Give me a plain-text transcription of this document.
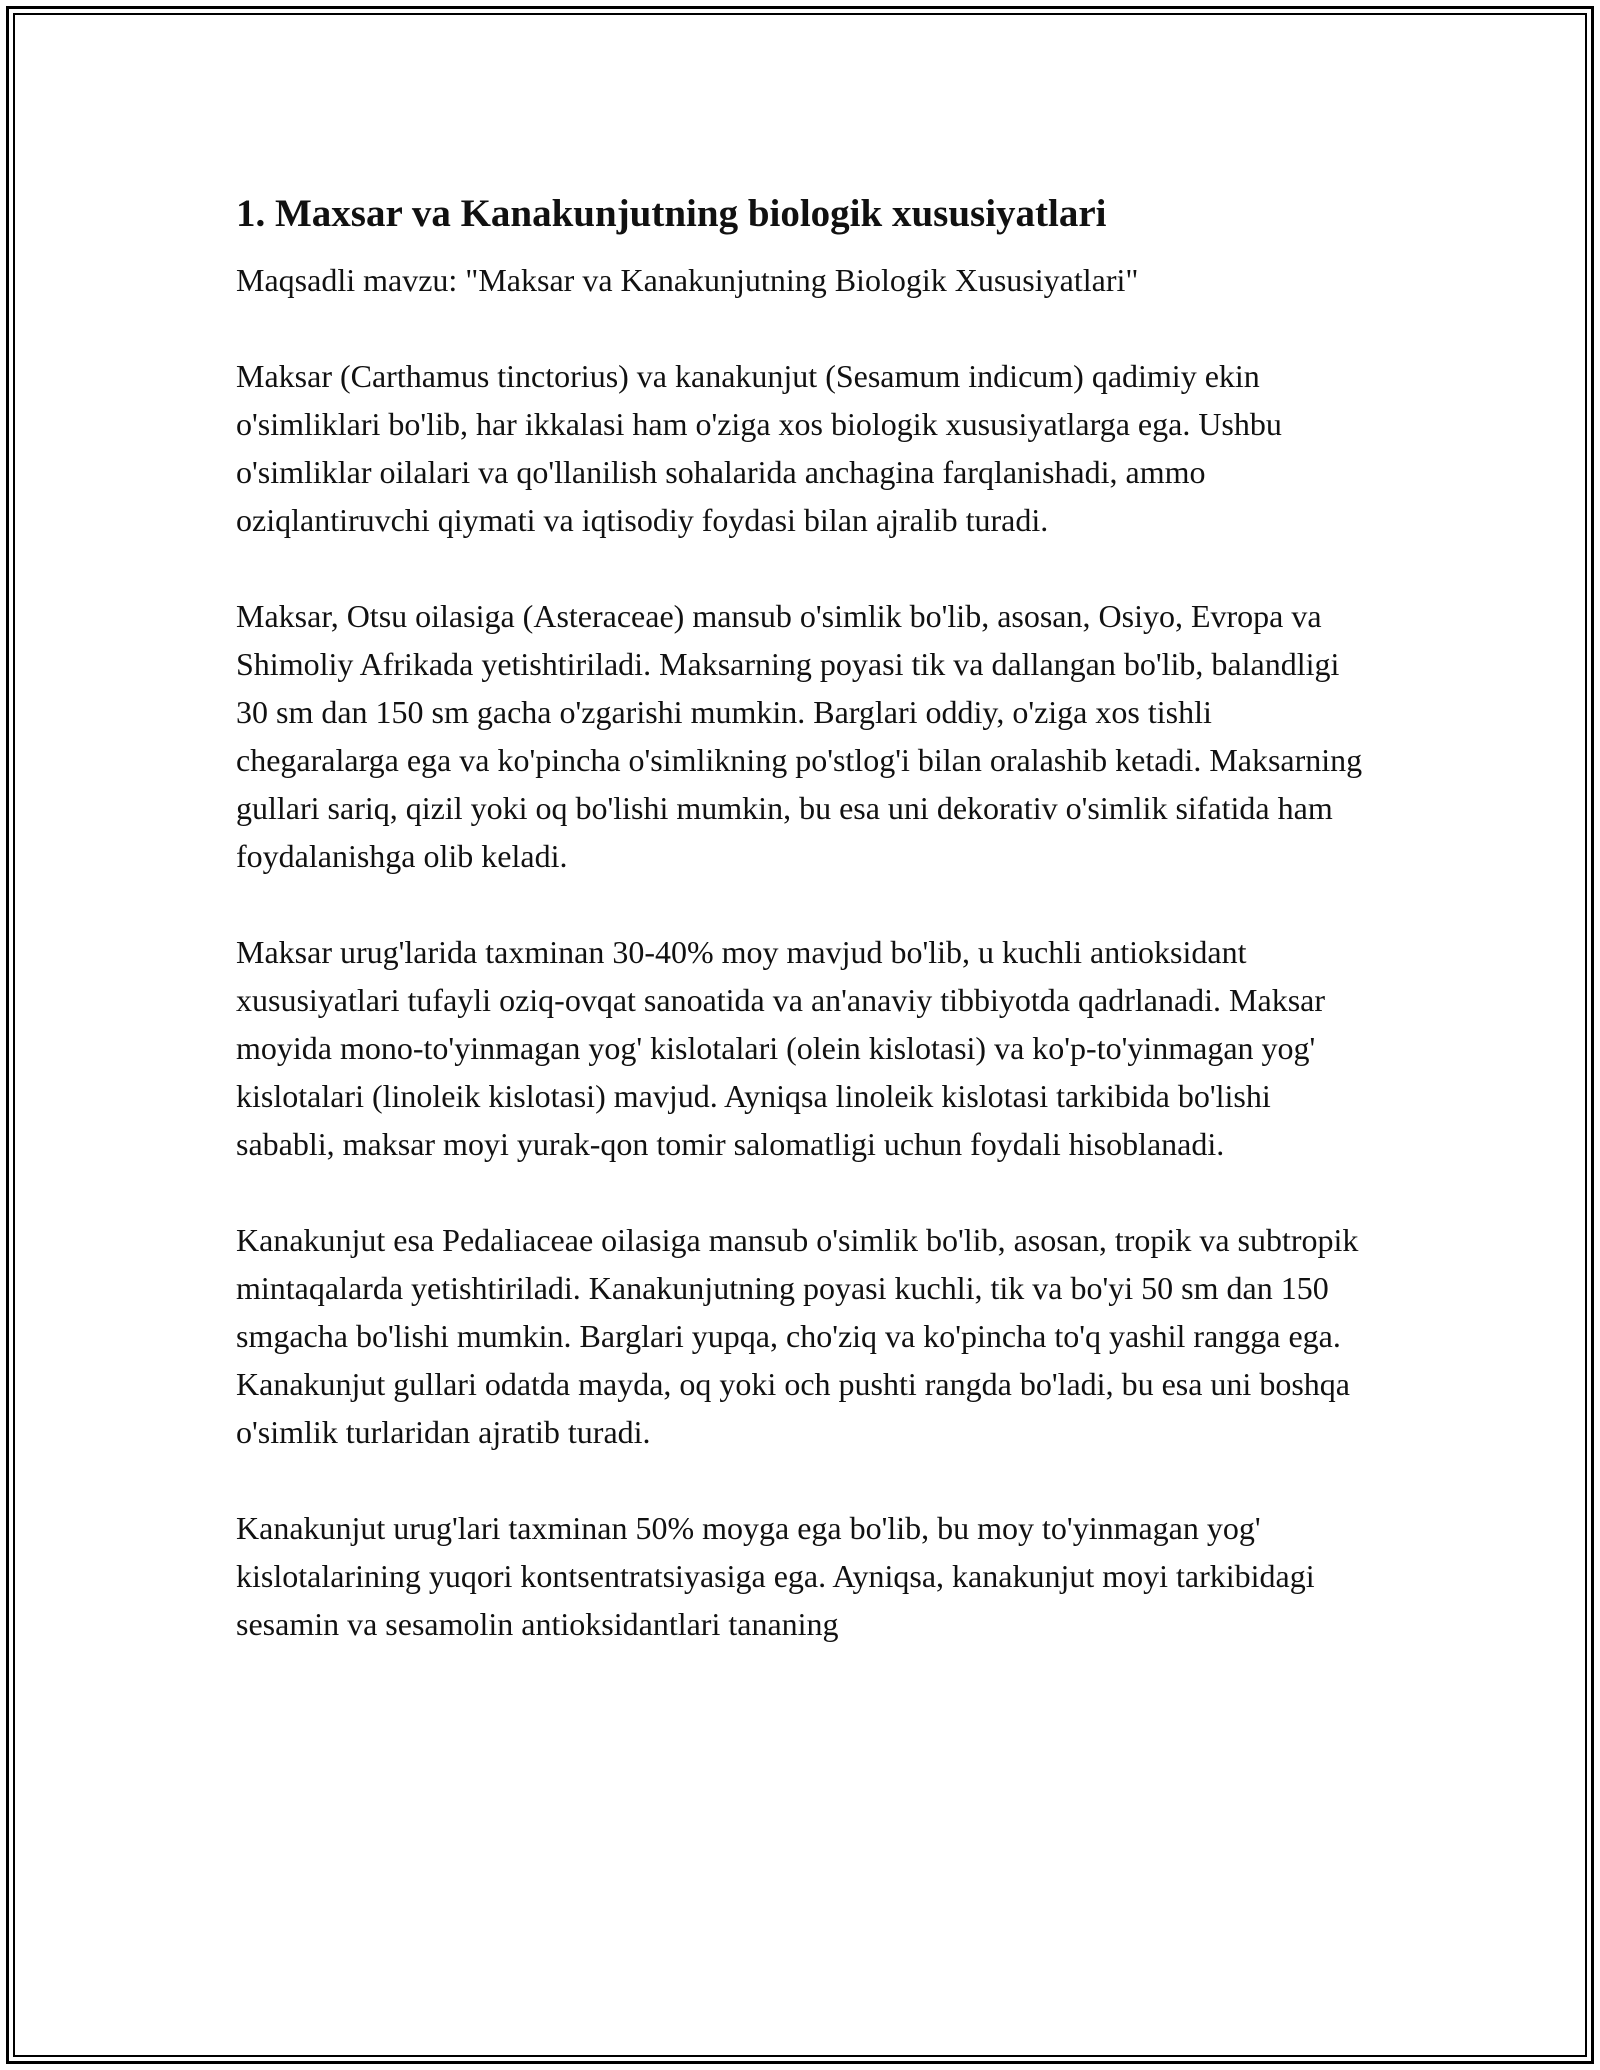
1. Maxsar va Kanakunjutning biologik xususiyatlari

Maqsadli mavzu: "Maksar va Kanakunjutning Biologik Xususiyatlari"

Maksar (Carthamus tinctorius) va kanakunjut (Sesamum indicum) qadimiy ekin o'simliklari bo'lib, har ikkalasi ham o'ziga xos biologik xususiyatlarga ega. Ushbu o'simliklar oilalari va qo'llanilish sohalarida anchagina farqlanishadi, ammo oziqlantiruvchi qiymati va iqtisodiy foydasi bilan ajralib turadi.

Maksar, Otsu oilasiga (Asteraceae) mansub o'simlik bo'lib, asosan, Osiyo, Evropa va Shimoliy Afrikada yetishtiriladi. Maksarning poyasi tik va dallangan bo'lib, balandligi 30 sm dan 150 sm gacha o'zgarishi mumkin. Barglari oddiy, o'ziga xos tishli chegaralarga ega va ko'pincha o'simlikning po'stlog'i bilan oralashib ketadi. Maksarning gullari sariq, qizil yoki oq bo'lishi mumkin, bu esa uni dekorativ o'simlik sifatida ham foydalanishga olib keladi.

Maksar urug'larida taxminan 30-40% moy mavjud bo'lib, u kuchli antioksidant xususiyatlari tufayli oziq-ovqat sanoatida va an'anaviy tibbiyotda qadrlanadi. Maksar moyida mono-to'yinmagan yog' kislotalari (olein kislotasi) va ko'p-to'yinmagan yog' kislotalari (linoleik kislotasi) mavjud. Ayniqsa linoleik kislotasi tarkibida bo'lishi sababli, maksar moyi yurak-qon tomir salomatligi uchun foydali hisoblanadi.

Kanakunjut esa Pedaliaceae oilasiga mansub o'simlik bo'lib, asosan, tropik va subtropik mintaqalarda yetishtiriladi. Kanakunjutning poyasi kuchli, tik va bo'yi 50 sm dan 150 smgacha bo'lishi mumkin. Barglari yupqa, cho'ziq va ko'pincha to'q yashil rangga ega. Kanakunjut gullari odatda mayda, oq yoki och pushti rangda bo'ladi, bu esa uni boshqa o'simlik turlaridan ajratib turadi.

Kanakunjut urug'lari taxminan 50% moyga ega bo'lib, bu moy to'yinmagan yog' kislotalarining yuqori kontsentratsiyasiga ega. Ayniqsa, kanakunjut moyi tarkibidagi sesamin va sesamolin antioksidantlari tananing
